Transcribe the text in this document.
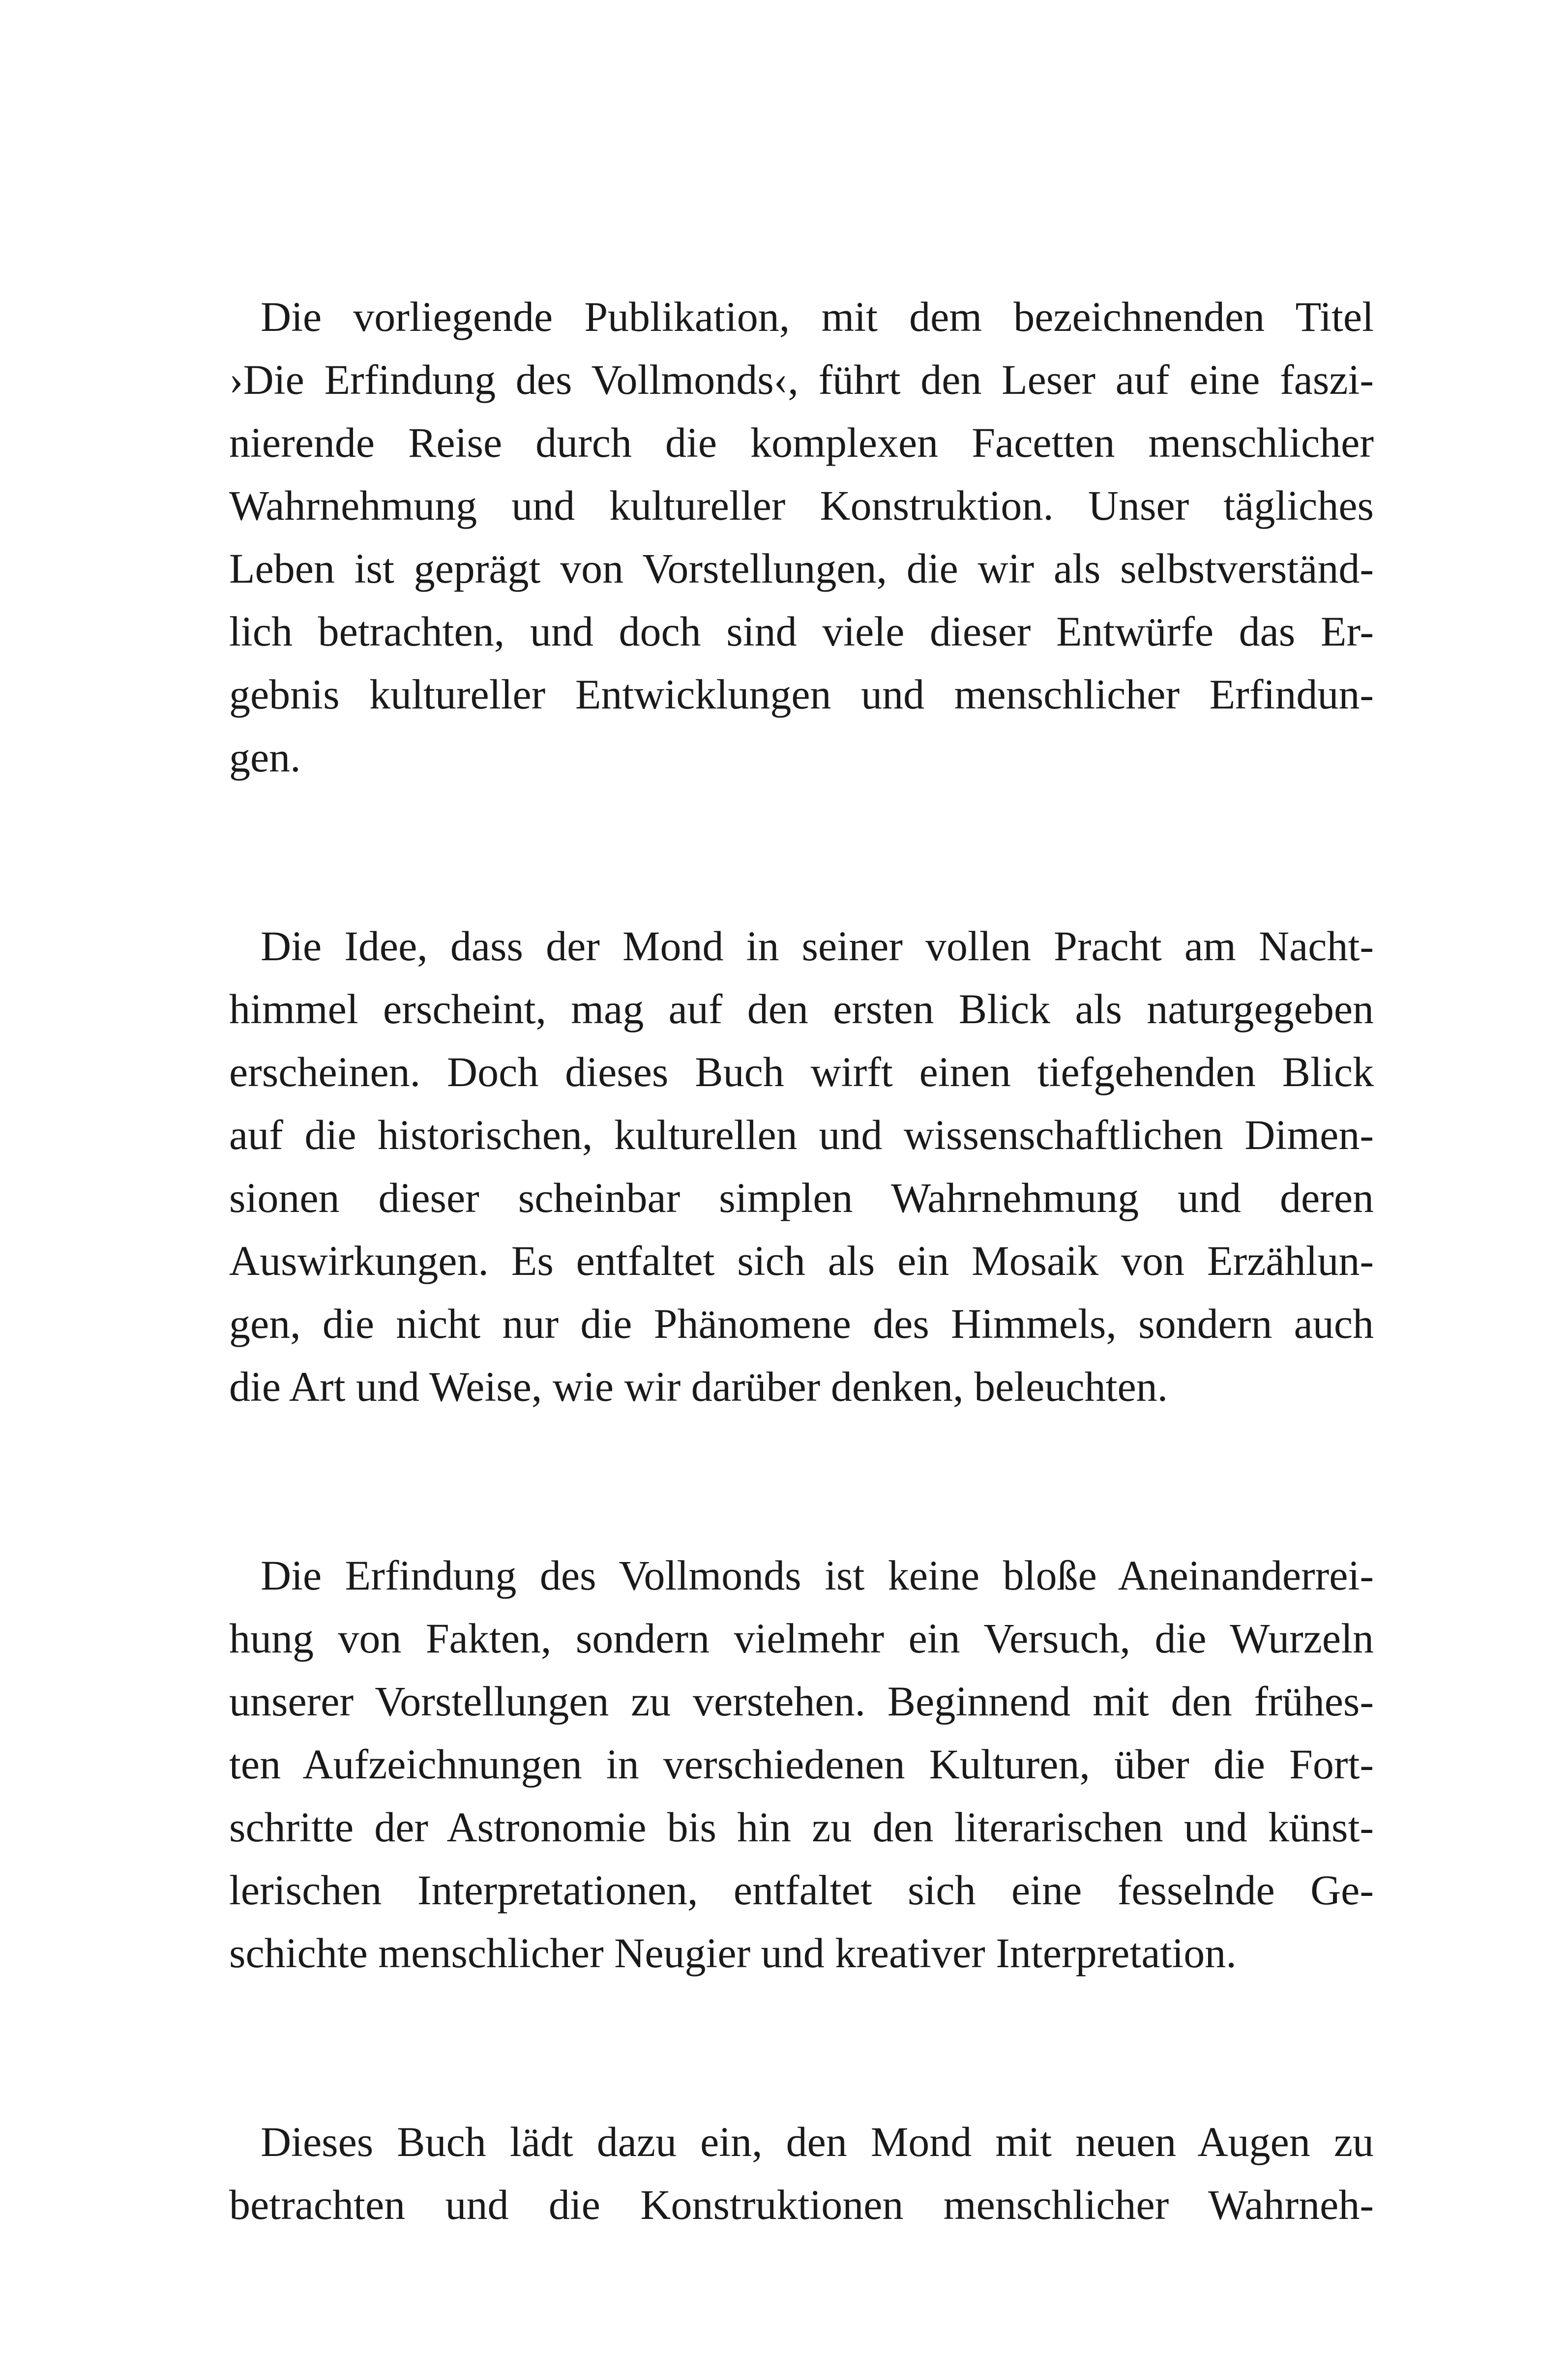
Die vorliegende Publikation, mit dem bezeichnenden Titel
›Die Erfindung des Vollmonds‹, führt den Leser auf eine faszi-
nierende Reise durch die komplexen Facetten menschlicher
Wahrnehmung und kultureller Konstruktion. Unser tägliches
Leben ist geprägt von Vorstellungen, die wir als selbstverständ-
lich betrachten, und doch sind viele dieser Entwürfe das Er-
gebnis kultureller Entwicklungen und menschlicher Erfindun-
gen.

Die Idee, dass der Mond in seiner vollen Pracht am Nacht-
himmel erscheint, mag auf den ersten Blick als naturgegeben
erscheinen. Doch dieses Buch wirft einen tiefgehenden Blick
auf die historischen, kulturellen und wissenschaftlichen Dimen-
sionen dieser scheinbar simplen Wahrnehmung und deren
Auswirkungen. Es entfaltet sich als ein Mosaik von Erzählun-
gen, die nicht nur die Phänomene des Himmels, sondern auch
die Art und Weise, wie wir darüber denken, beleuchten.

Die Erfindung des Vollmonds ist keine bloße Aneinanderrei-
hung von Fakten, sondern vielmehr ein Versuch, die Wurzeln
unserer Vorstellungen zu verstehen. Beginnend mit den frühes-
ten Aufzeichnungen in verschiedenen Kulturen, über die Fort-
schritte der Astronomie bis hin zu den literarischen und künst-
lerischen Interpretationen, entfaltet sich eine fesselnde Ge-
schichte menschlicher Neugier und kreativer Interpretation.

Dieses Buch lädt dazu ein, den Mond mit neuen Augen zu
betrachten und die Konstruktionen menschlicher Wahrneh-
